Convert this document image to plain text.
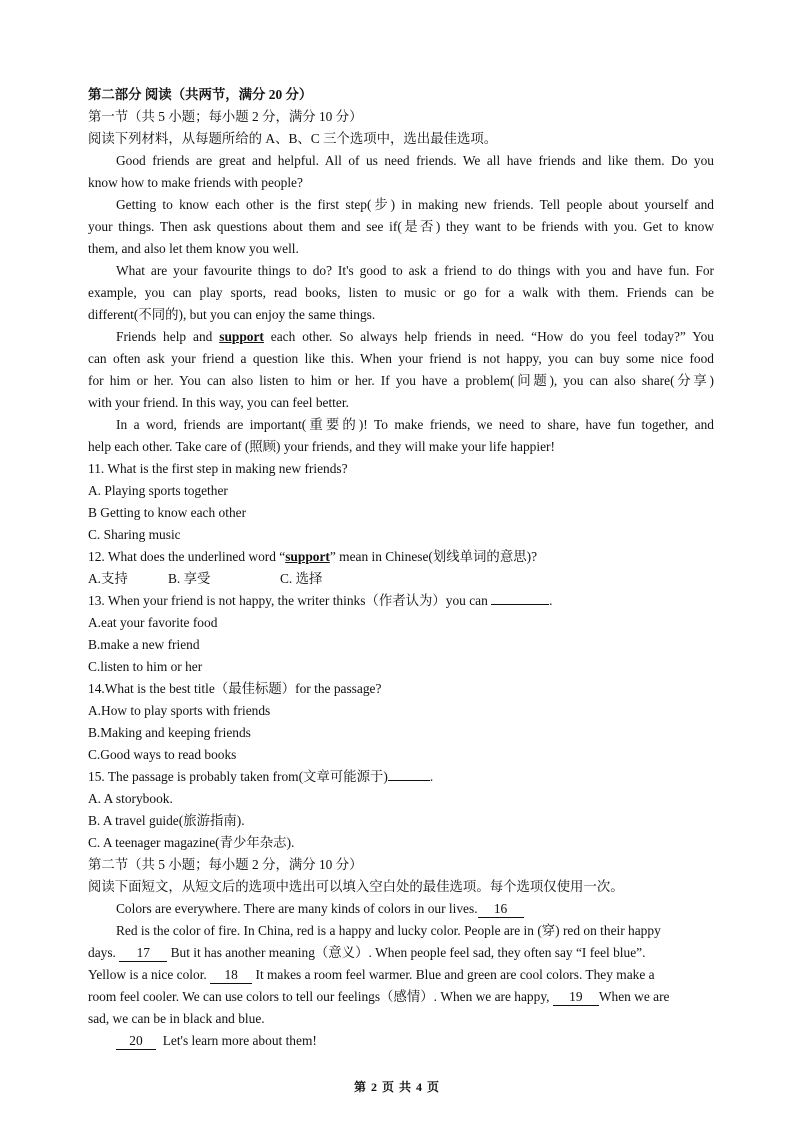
第二部分 阅读（共两节，满分 20 分）
第一节（共 5 小题；每小题 2 分，满分 10 分）
阅读下列材料，从每题所给的 A、B、C 三个选项中，选出最佳选项。
Good friends are great and helpful. All of us need friends. We all have friends and like them. Do you
know how to make friends with people?
Getting to know each other is the first step(步) in making new friends. Tell people about yourself and
your things. Then ask questions about them and see if(是否) they want to be friends with you. Get to know
them, and also let them know you well.
What are your favourite things to do? It's good to ask a friend to do things with you and have fun. For
example, you can play sports, read books, listen to music or go for a walk with them. Friends can be
different(不同的), but you can enjoy the same things.
Friends help and support each other. So always help friends in need. “How do you feel today?” You
can often ask your friend a question like this. When your friend is not happy, you can buy some nice food
for him or her. You can also listen to him or her. If you have a problem(问题), you can also share(分享)
with your friend. In this way, you can feel better.
In a word, friends are important(重要的)! To make friends, we need to share, have fun together, and
help each other. Take care of (照顾) your friends, and they will make your life happier!
11. What is the first step in making new friends?
A. Playing sports together
B Getting to know each other
C. Sharing music
12. What does the underlined word “support” mean in Chinese(划线单词的意思)?
A.支持	B. 享受	C. 选择
13. When your friend is not happy, the writer thinks（作者认为）you can	.
A.eat your favorite food
B.make a new friend
C.listen to him or her
14.What is the best title（最佳标题）for the passage?
A.How to play sports with friends
B.Making and keeping friends
C.Good ways to read books
15. The passage is probably taken from(文章可能源于)	.
A. A storybook.
B. A travel guide(旅游指南).
C. A teenager magazine(青少年杂志).
第二节（共 5 小题；每小题 2 分，满分 10 分）
阅读下面短文，从短文后的选项中选出可以填入空白处的最佳选项。每个选项仅使用一次。
Colors are everywhere. There are many kinds of colors in our lives. 16
Red is the color of fire. In China, red is a happy and lucky color. People are in (穿) red on their happy
days. 17 But it has another meaning（意义）. When people feel sad, they often say “I feel blue”.
Yellow is a nice color. 18 It makes a room feel warmer. Blue and green are cool colors. They make a
room feel cooler. We can use colors to tell our feelings（感情）. When we are happy, 19 When we are
sad, we can be in black and blue.
20 Let's learn more about them!
第 2 页 共 4 页
